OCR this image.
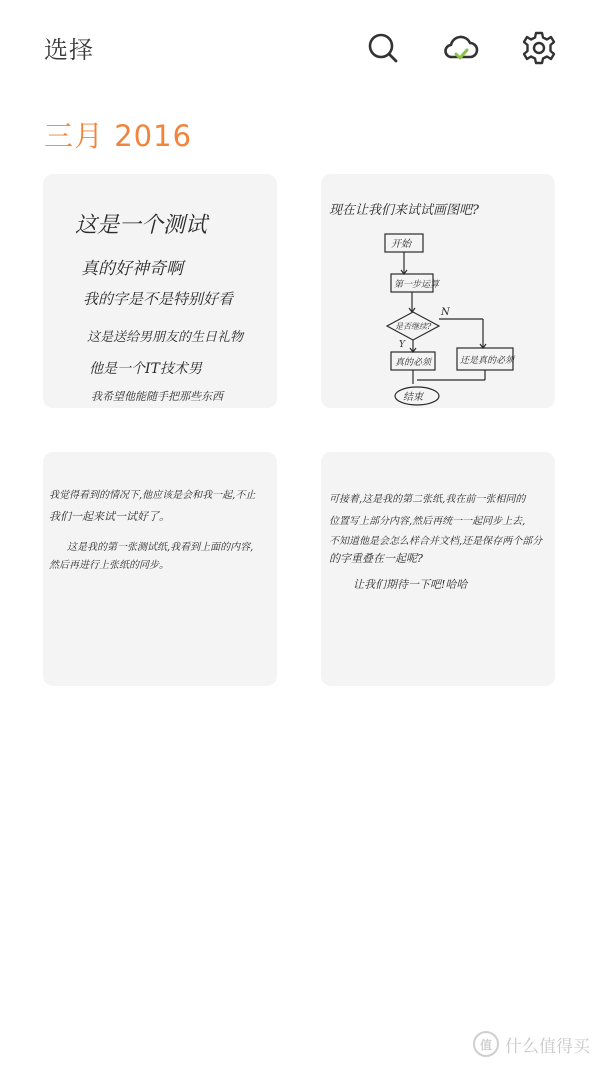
选择
三月 2016
这是一个测试
真的好神奇啊
我的字是不是特别好看
这是送给男朋友的生日礼物
他是一个IT技术男
我希望他能随手把那些东西
现在让我们来试试画图吧?
开始
第一步运算
N
是否继续?
Y
真的必须	还是真的必须
结束
我觉得看到的情况下,他应该是会和我一起,不止
我们一起来试一试好了。
这是我的第一张测试纸,我看到上面的内容,
然后再进行上张纸的同步。
可接着,这是我的第二张纸,我在前一张相同的
位置写上部分内容,然后再统一一起同步上去,
不知道他是会怎么样合并文档,还是保存两个部分
的字重叠在一起呢?
让我们期待一下吧!哈哈
值 什么值得买
